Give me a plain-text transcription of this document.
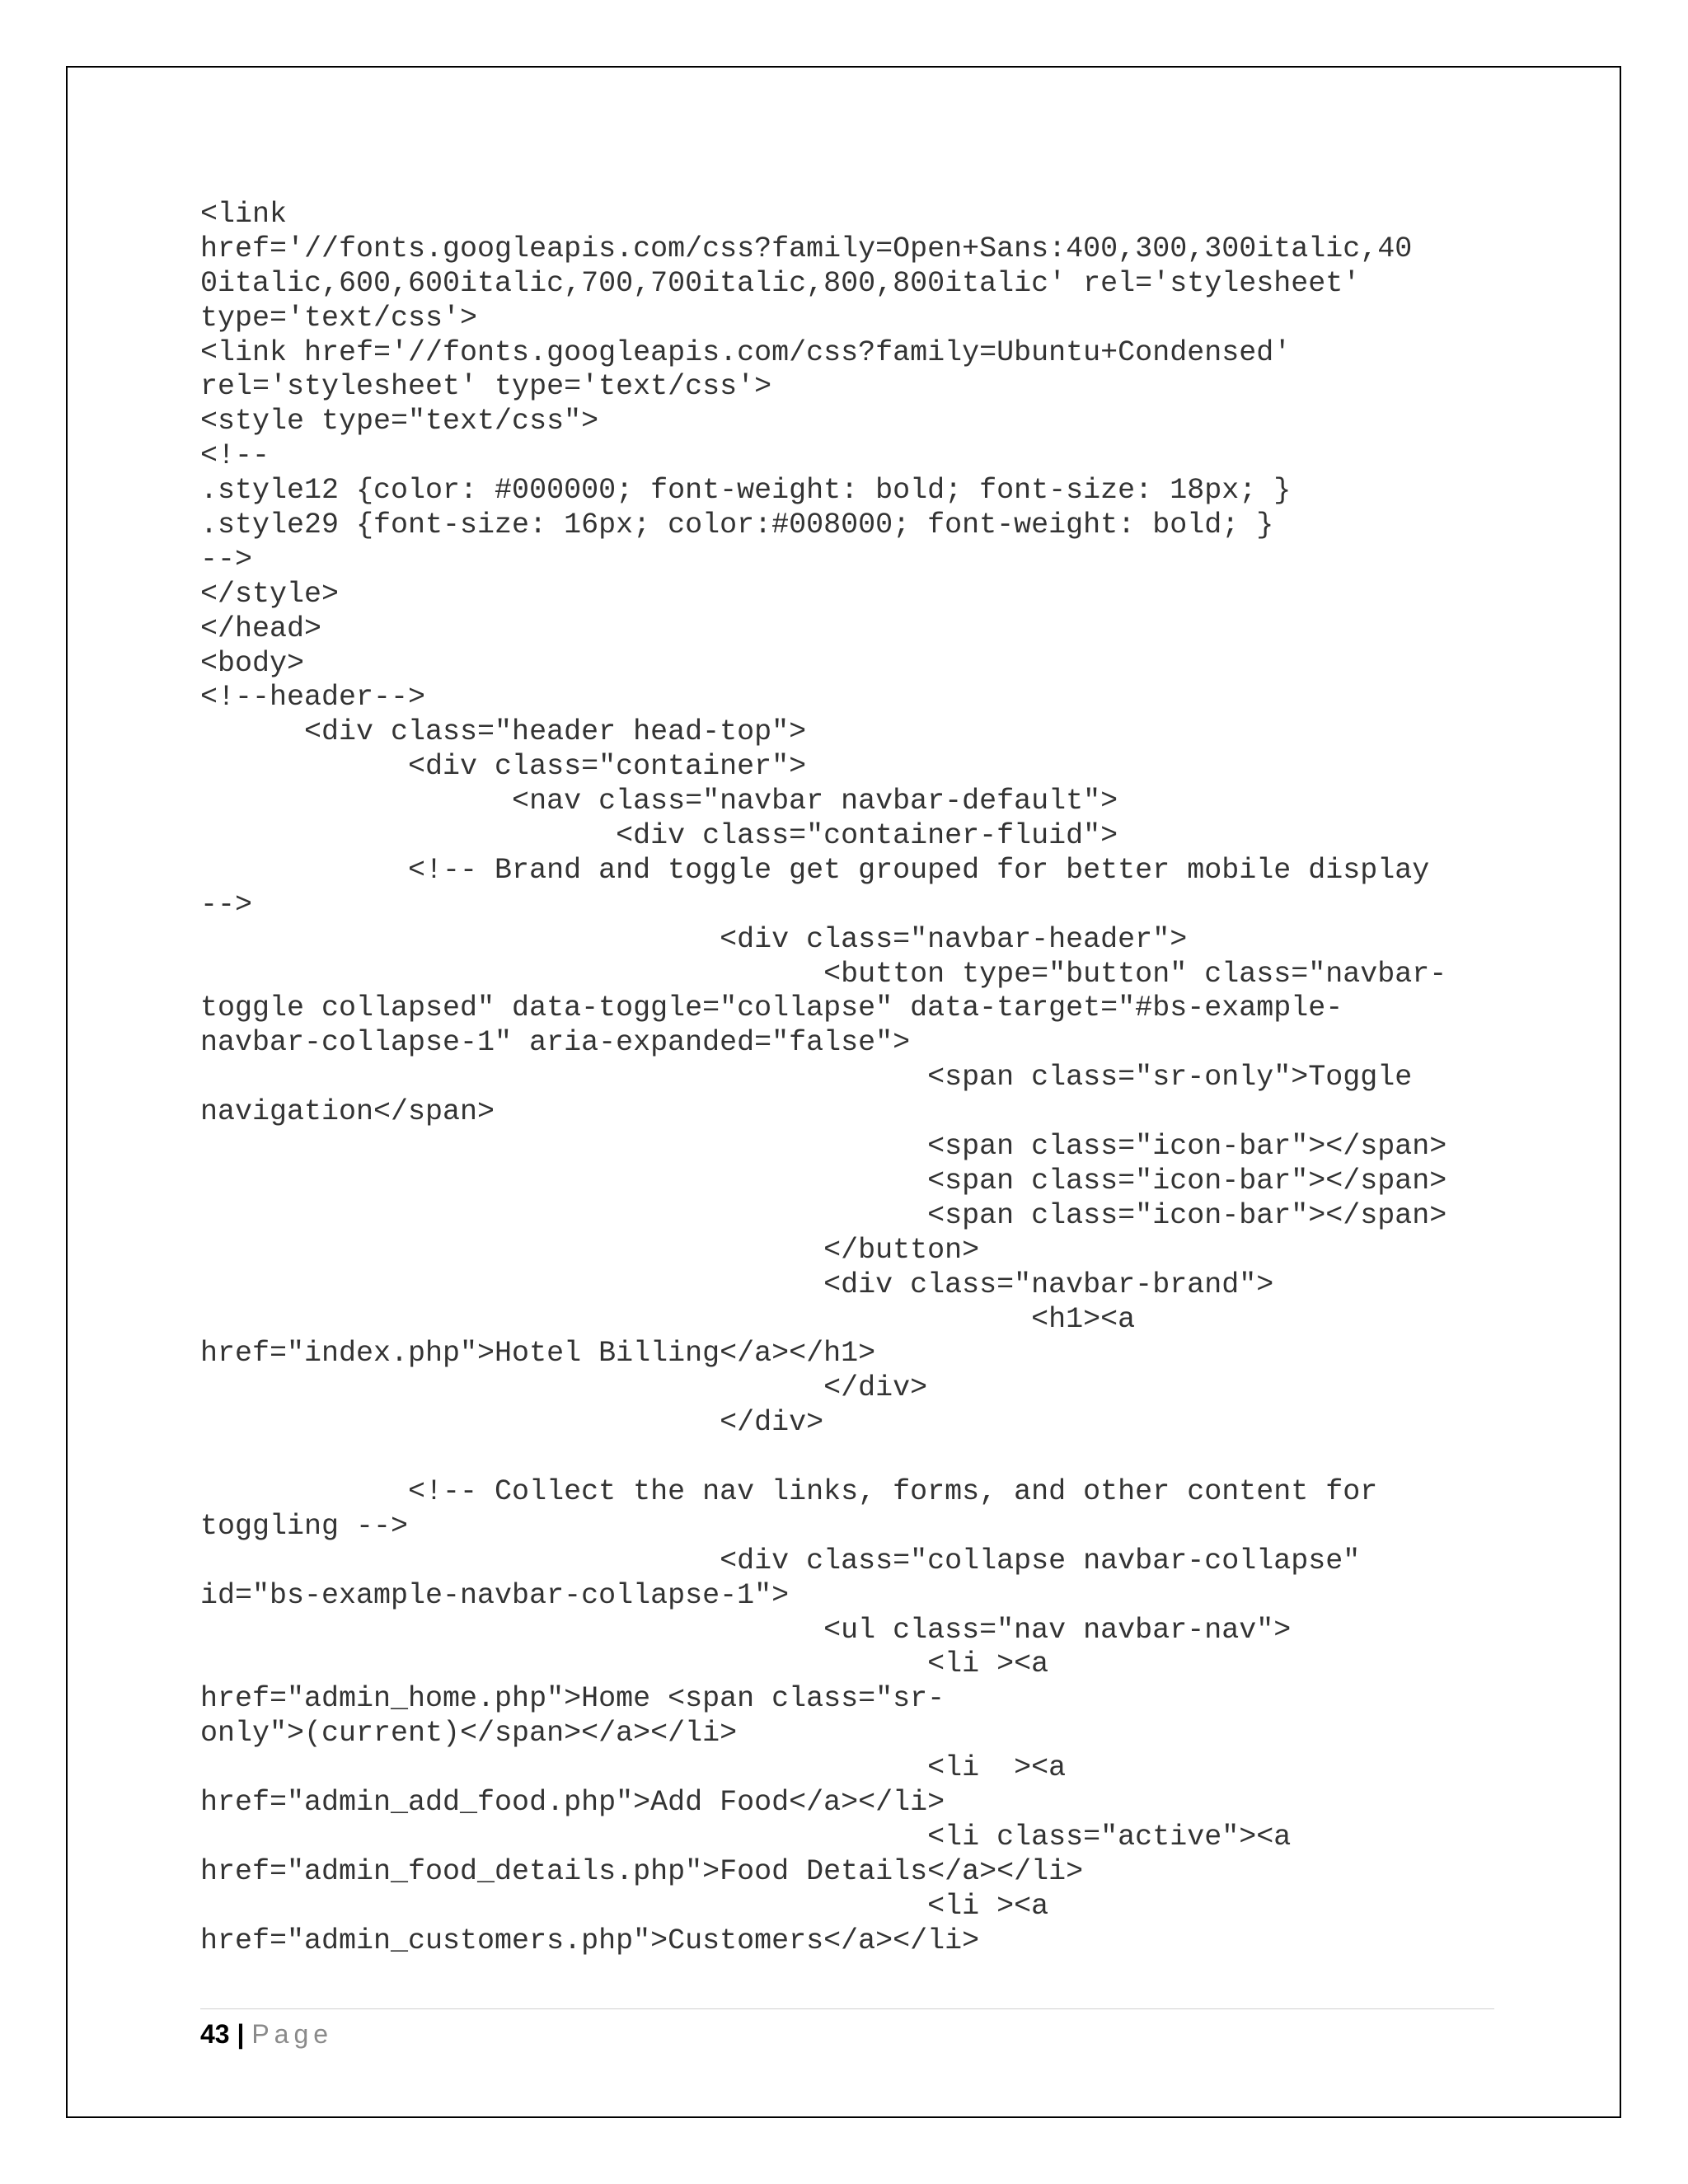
<link
href='//fonts.googleapis.com/css?family=Open+Sans:400,300,300italic,40
0italic,600,600italic,700,700italic,800,800italic' rel='stylesheet'
type='text/css'>
<link href='//fonts.googleapis.com/css?family=Ubuntu+Condensed'
rel='stylesheet' type='text/css'>
<style type="text/css">
<!--
.style12 {color: #000000; font-weight: bold; font-size: 18px; }
.style29 {font-size: 16px; color:#008000; font-weight: bold; }
-->
</style>
</head>
<body>
<!--header-->
<div class="header head-top">
<div class="container">
<nav class="navbar navbar-default">
<div class="container-fluid">
<!-- Brand and toggle get grouped for better mobile display
-->
<div class="navbar-header">
<button type="button" class="navbar-
toggle collapsed" data-toggle="collapse" data-target="#bs-example-
navbar-collapse-1" aria-expanded="false">
<span class="sr-only">Toggle
navigation</span>
<span class="icon-bar"></span>
<span class="icon-bar"></span>
<span class="icon-bar"></span>
</button>
<div class="navbar-brand">
<h1><a
href="index.php">Hotel Billing</a></h1>
</div>
</div>
<!-- Collect the nav links, forms, and other content for
toggling -->
<div class="collapse navbar-collapse"
id="bs-example-navbar-collapse-1">
<ul class="nav navbar-nav">
<li ><a
href="admin_home.php">Home <span class="sr-
only">(current)</span></a></li>
<li  ><a
href="admin_add_food.php">Add Food</a></li>
<li class="active"><a
href="admin_food_details.php">Food Details</a></li>
<li ><a
href="admin_customers.php">Customers</a></li>
43 | Page
